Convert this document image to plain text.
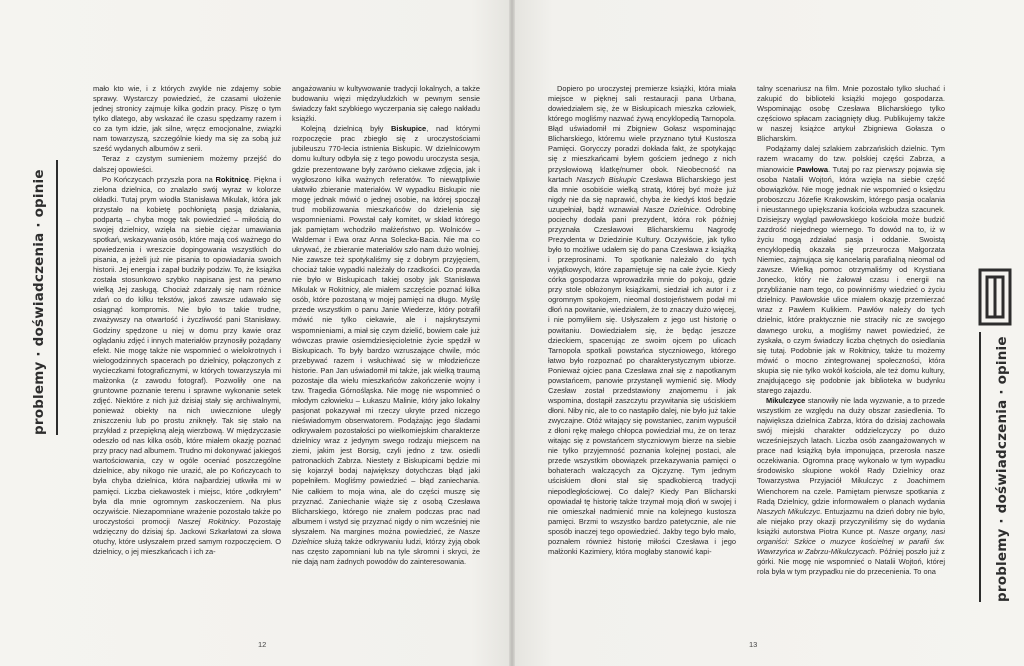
problemy · doświadczenia · opinie

mało kto wie, i z których zwykle nie zdajemy sobie sprawy. Wystarczy powiedzieć, że czasami ułożenie jednej stronicy zajmuje kilka godzin pracy. Piszę o tym tylko dlatego, aby wskazać ile czasu spędzamy razem i co za tym idzie, jak silne, wręcz emocjonalne, związki nam towarzyszą, szczególnie kiedy ma się za sobą już sześć wydanych albumów z serii.

Teraz z czystym sumieniem możemy przejść do dalszej opowieści.

Po Kończycach przyszła pora na Rokitnicę. Piękna i zielona dzielnica, co znalazło swój wyraz w kolorze okładki. Tutaj prym wiodła Stanisława Mikulak, która jak przystało na kobietę pochłoniętą pasją działania, podpartą – chyba mogę tak powiedzieć – miłością do swojej dzielnicy, wzięła na siebie ciężar umawiania spotkań, wskazywania osób, które mają coś ważnego do powiedzenia i wreszcie dopingowania wszystkich do pisania, a jeżeli już nie pisania to opowiadania swoich historii. Jej energia i zapał budziły podziw. To, że książka została stosunkowo szybko napisana jest na pewno wielką Jej zasługą. Chociaż zdarzały się nam różnice zdań co do kilku tekstów, jakoś zawsze udawało się osiągnąć kompromis. Nie było to takie trudne, zważywszy na otwartość i życzliwość pani Stanisławy. Godziny spędzone u niej w domu przy kawie oraz oglądaniu zdjęć i innych materiałów przynosiły pożądany efekt. Nie mogę także nie wspomnieć o wielokrotnych i wielogodzinnych spacerach po dzielnicy, połączonych z wycieczkami fotograficznymi, w których towarzyszyła mi małżonka (z zawodu fotograf). Pozwoliły one na gruntowne poznanie terenu i sprawne wykonanie setek zdjęć. Niektóre z nich już dzisiaj stały się archiwalnymi, ponieważ obiekty na nich uwiecznione uległy zniszczeniu lub po prostu zniknęły. Tak się stało na przykład z przepiękną aleją wierzbową. W międzyczasie odeszło od nas kilka osób, które miałem okazję poznać przy pracy nad albumem. Trudno mi dokonywać jakiegoś wartościowania, czy w ogóle oceniać poszczególne dzielnice, aby nikogo nie urazić, ale po Kończycach to była chyba dzielnica, która najbardziej utkwiła mi w pamięci. Liczba ciekawostek i miejsc, które „odkryłem” była dla mnie ogromnym zaskoczeniem. Na plus oczywiście. Niezapomniane wrażenie pozostało także po uroczystości promocji Naszej Rokitnicy. Pozostaję wdzięczny do dzisiaj śp. Jackowi Szkarłatowi za słowa otuchy, które usłyszałem przed samym rozpoczęciem. O dzielnicy, o jej mieszkańcach i ich za-

angażowaniu w kultywowanie tradycji lokalnych, a także budowaniu więzi międzyludzkich w pewnym sensie świadczy fakt szybkiego wyczerpania się całego nakładu książki.

Kolejną dzielnicą były Biskupice, nad którymi rozpoczęcie prac zbiegło się z uroczystościami jubileuszu 770-lecia istnienia Biskupic. W dzielnicowym domu kultury odbyła się z tego powodu uroczysta sesja, gdzie prezentowane były zarówno ciekawe zdjęcia, jak i wygłoszono kilka ważnych referatów. To niewątpliwie ułatwiło zbieranie materiałów. W wypadku Biskupic nie mogę jednak mówić o jednej osobie, na której spoczął trud mobilizowania mieszkańców do dzielenia się wspomnieniami. Powstał cały komitet, w skład którego jak pamiętam wchodziło małżeństwo pp. Wolniców – Waldemar i Ewa oraz Anna Solecka-Bacia. Nie ma co ukrywać, że zbieranie materiałów szło nam dużo wolniej. Nie zawsze też spotykaliśmy się z dobrym przyjęciem, chociaż takie wypadki należały do rzadkości. Co prawda nie było w Biskupicach takiej osoby jak Stanisława Mikulak w Rokitnicy, ale miałem szczęście poznać kilka osób, które pozostaną w mojej pamięci na długo. Myślę przede wszystkim o panu Janie Wiederze, który potrafił mówić nie tylko ciekawie, ale i najskrytszymi wspomnieniami, a miał się czym dzielić, bowiem całe już wówczas prawie osiemdziesięcioletnie życie spędził w Biskupicach. To były bardzo wzruszające chwile, móc przebywać razem i wsłuchiwać się w młodzieńcze historie. Pan Jan uświadomił mi także, jak wielką traumą pozostaje dla wielu mieszkańców zakończenie wojny i tzw. Tragedia Górnośląska. Nie mogę nie wspomnieć o młodym człowieku – Łukaszu Malinie, który jako lokalny pasjonat pokazywał mi rzeczy ukryte przed niczego nieświadomym obserwatorem. Podążając jego śladami odkrywałem pozostałości po wielkomiejskim charakterze dzielnicy wraz z jedynym swego rodzaju miejscem na ziemi, jakim jest Borsig, czyli jedno z tzw. osiedli patronackich Zabrza. Niestety z Biskupicami będzie mi się kojarzył bodaj największy dotychczas błąd jaki popełniłem. Mogliśmy powiedzieć – błąd zaniechania. Nie całkiem to moja wina, ale do części muszę się przyznać. Zaniechanie wiąże się z osobą Czesława Blicharskiego, którego nie znałem podczas prac nad albumem i wstyd się przyznać nigdy o nim wcześniej nie słyszałem. Na margines można powiedzieć, że Nasze Dzielnice służą także odkrywaniu ludzi, którzy żyją obok nas często zapomniani lub na tyle skromni i skryci, że nie dają nam żadnych powodów do zainteresowania.

12

Dopiero po uroczystej premierze książki, która miała miejsce w pięknej sali restauracji pana Urbana, dowiedziałem się, że w Biskupicach mieszka człowiek, którego mogliśmy nazwać żywą encyklopedią Tarnopola. Błąd uświadomił mi Zbigniew Gołasz wspominając Blicharskiego, któremu wiele przyznano tytuł Kustosza Pamięci. Gorycczy poradzi dokłada fakt, że spotykając się z mieszkańcami byłem gościem jednego z nich przysłowiową klatkę/numer obok. Nieobecność na kartach Naszych Biskupic Czesława Blicharskiego jest dla mnie osobiście wielką stratą, której być może już nigdy nie da się naprawić, chyba że kiedyś ktoś będzie uzupełniał, bądź wznawiał Nasze Dzielnice. Odrobinę pociechy dodała pani prezydent, która rok później przyznała Czesławowi Blicharskiemu Nagrodę Prezydenta w Dziedzinie Kultury. Oczywiście, jak tylko było to możliwe udałem się do pana Czesława z książką i przeprosinami. To spotkanie należało do tych wyjątkowych, które zapamiętuje się na całe życie. Kiedy córka gospodarza wprowadziła mnie do pokoju, gdzie przy stole obłożonym książkami, siedział ich autor i z ogromnym spokojem, nieomal dostojeństwem podał mi dłoń na powitanie, wiedziałem, że to znaczy dużo więcej, i nie pomyliłem się. Usłyszałem z jego ust historię o powitaniu. Dowiedziałem się, że będąc jeszcze dzieckiem, spacerując ze swoim ojcem po ulicach Tarnopola spotkali powstańca styczniowego, którego łatwo było rozpoznać po charakterystycznym ubiorze. Ponieważ ojciec pana Czesława znał się z napotkanym powstańcem, panowie przystanęli wymienić się. Młody Czesław został przedstawiony znajomemu i jak wspomina, dostąpił zaszczytu przywitania się uściskiem dłoni. Niby nic, ale to co nastąpiło dalej, nie było już takie zwyczajne. Otóż witający się powstaniec, zanim wypuścił z dłoni rękę małego chłopca powiedział mu, że on teraz witając się z powstańcem styczniowym bierze na siebie nie tylko przyjemność poznania kolejnej postaci, ale przede wszystkim obowiązek przekazywania pamięci o bohaterach walczących za Ojczyznę. Tym jednym uściskiem dłoni stał się spadkobiercą tradycji niepodległościowej. Co dalej? Kiedy Pan Blicharski opowiadał tę historię także trzymał moją dłoń w swojej i nie omieszkał nadmienić mnie na kolejnego kustosza pamięci. Brzmi to wszystko bardzo patetycznie, ale nie sposób inaczej tego opowiedzieć. Jakby tego było mało, poznałem również historię miłości Czesława i jego małżonki Kazimiery, która mogłaby stanowić kapi-

talny scenariusz na film. Mnie pozostało tylko słuchać i zakupić do biblioteki książki mojego gospodarza. Wspominając osobę Czesława Blicharskiego tylko częściowo spłacam zaciągnięty dług. Publikujemy także w naszej książce artykuł Zbigniewa Gołasza o Blicharskim.

Podążamy dalej szlakiem zabrzańskich dzielnic. Tym razem wracamy do tzw. polskiej części Zabrza, a mianowicie Pawłowa. Tutaj po raz pierwszy pojawia się osoba Natalii Wojtoń, która wzięła na siebie część obowiązków. Nie mogę jednak nie wspomnieć o księdzu proboszczu Józefie Krakowskim, którego pasja ocalania i nieustannego upiększania kościoła wzbudza szacunek. Dzisiejszy wygląd pawłowskiego kościoła może budzić zazdrość niejednego wiernego. To dowód na to, iż w życiu mogą zdziałać pasja i oddanie. Swoistą encyklopedią okazała się przeurocza Małgorzata Niemiec, zajmująca się kancelarią parafialną nieomal od zawsze. Wielką pomoc otrzymaliśmy od Krystiana Jonecko, który nie żałował czasu i energii na przybliżanie nam tego, co powinniśmy wiedzieć o życiu dzielnicy. Pawłowskie ulice miałem okazję przemierzać wraz z Pawłem Kulikiem. Pawłów należy do tych dzielnic, które praktycznie nie straciły nic ze swojego dawnego uroku, a mogliśmy nawet powiedzieć, że zyskała, o czym świadczy liczba chętnych do osiedlania się tutaj. Podobnie jak w Rokitnicy, także tu możemy mówić o mocno zintegrowanej społeczności, która skupia się nie tylko wokół kościoła, ale też domu kultury, znajdującego się podobnie jak biblioteka w budynku starego zajazdu.

Mikulczyce stanowiły nie lada wyzwanie, a to przede wszystkim ze względu na duży obszar zasiedlenia. To największa dzielnica Zabrza, która do dzisiaj zachowała swój miejski charakter oddzielczyczy po dużo wcześniejszych latach. Liczba osób zaangażowanych w prace nad książką była imponująca, przerosła nasze oczekiwania. Ogromna pracę wykonało w tym wypadku środowisko skupione wokół Rady Dzielnicy oraz Towarzystwa Przyjaciół Mikulczyc z Joachimem Wienchorem na czele. Pamiętam pierwsze spotkania z Radą Dzielnicy, gdzie informowałem o planach wydania Naszych Mikulczyc. Entuzjazmu na dzień dobry nie było, ale niejako przy okazji przyczyniliśmy się do wydania książki autorstwa Piotra Kunce pt. Nasze organy, nasi organiści: Szkice o muzyce kościelnej w parafii św. Wawrzyńca w Zabrzu-Mikulczycach. Później poszło już z górki. Nie mogę nie wspomnieć o Natalii Wojtoń, której rola była w tym przypadku nie do przecenienia. To ona	problemy · doświadczenia · opinie
13
